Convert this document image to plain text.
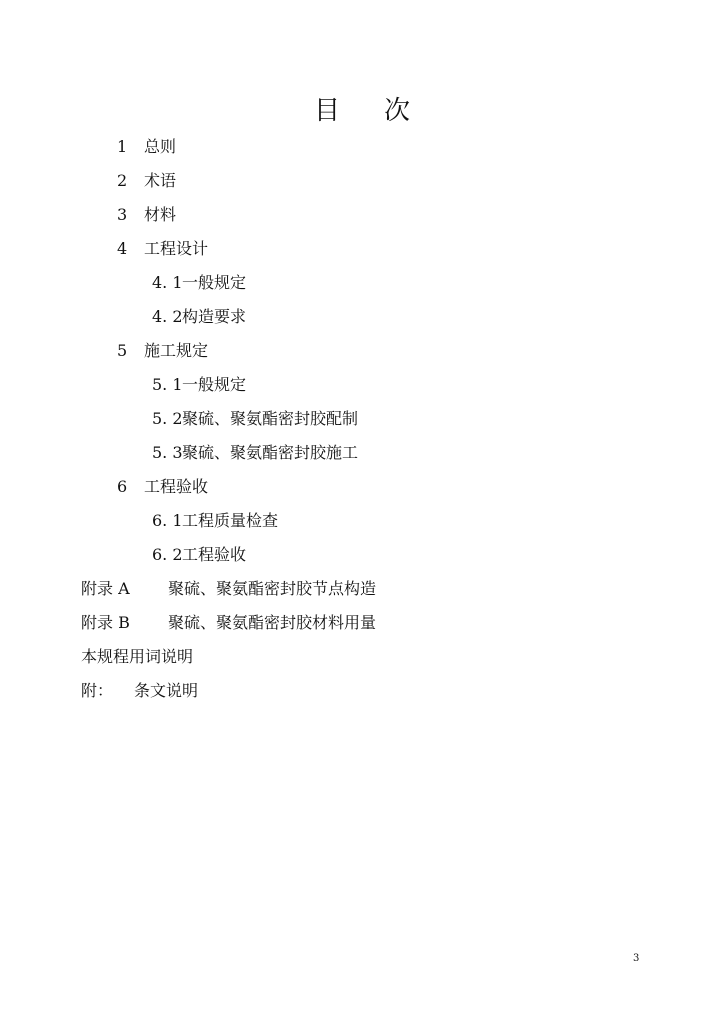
目 次
1	总则
2	术语
3	材料
4	工程设计
4. 1 一般规定
4. 2 构造要求
5	施工规定
5. 1 一般规定
5. 2 聚硫、聚氨酯密封胶配制
5. 3 聚硫、聚氨酯密封胶施工
6	工程验收
6. 1 工程质量检查
6. 2 工程验收
附录 A 聚硫、聚氨酯密封胶节点构造
附录 B 聚硫、聚氨酯密封胶材料用量
本规程用词说明
附： 条文说明
3
